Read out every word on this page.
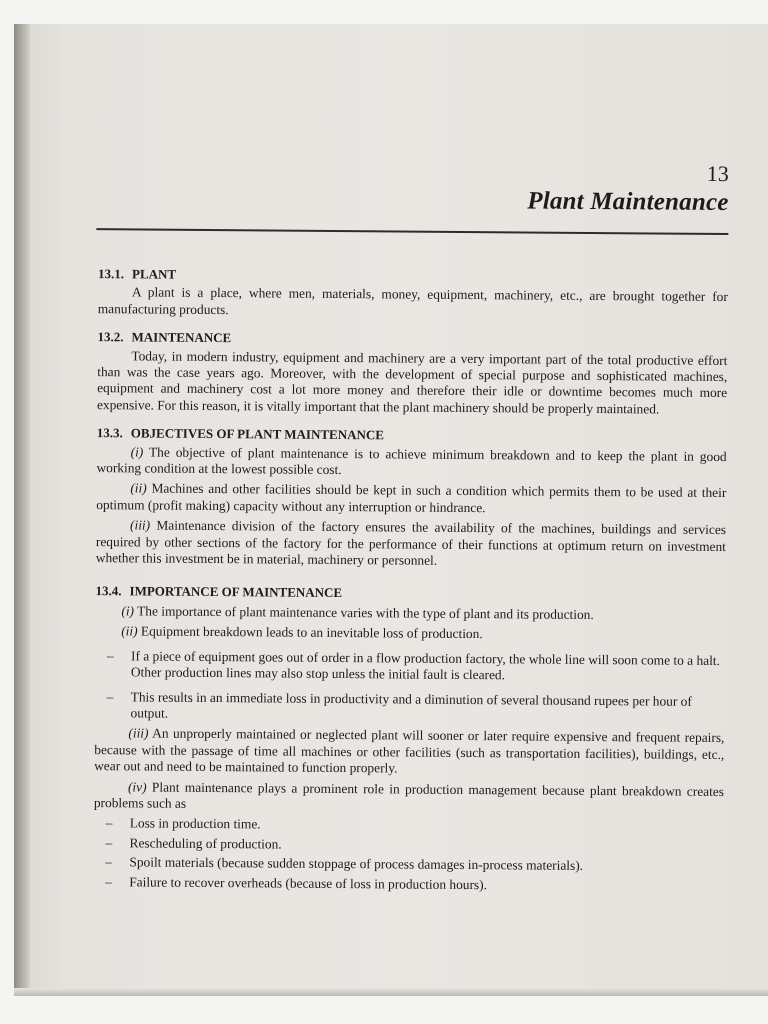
13
Plant Maintenance
13.1. PLANT

A plant is a place, where men, materials, money, equipment, machinery, etc., are brought together for manufacturing products.

13.2. MAINTENANCE

Today, in modern industry, equipment and machinery are a very important part of the total productive effort than was the case years ago. Moreover, with the development of special purpose and sophisticated machines, equipment and machinery cost a lot more money and therefore their idle or downtime becomes much more expensive. For this reason, it is vitally important that the plant machinery should be properly maintained.

13.3. OBJECTIVES OF PLANT MAINTENANCE

(i) The objective of plant maintenance is to achieve minimum breakdown and to keep the plant in good working condition at the lowest possible cost.

(ii) Machines and other facilities should be kept in such a condition which permits them to be used at their optimum (profit making) capacity without any interruption or hindrance.

(iii) Maintenance division of the factory ensures the availability of the machines, buildings and services required by other sections of the factory for the performance of their functions at optimum return on investment whether this investment be in material, machinery or personnel.

13.4. IMPORTANCE OF MAINTENANCE
(i) The importance of plant maintenance varies with the type of plant and its production.
(ii) Equipment breakdown leads to an inevitable loss of production.
– If a piece of equipment goes out of order in a flow production factory, the whole line will soon come to a halt. Other production lines may also stop unless the initial fault is cleared.
– This results in an immediate loss in productivity and a diminution of several thousand rupees per hour of output.

(iii) An unproperly maintained or neglected plant will sooner or later require expensive and frequent repairs, because with the passage of time all machines or other facilities (such as transportation facilities), buildings, etc., wear out and need to be maintained to function properly.

(iv) Plant maintenance plays a prominent role in production management because plant breakdown creates problems such as

– Loss in production time.
– Rescheduling of production.
– Spoilt materials (because sudden stoppage of process damages in-process materials).
– Failure to recover overheads (because of loss in production hours).
